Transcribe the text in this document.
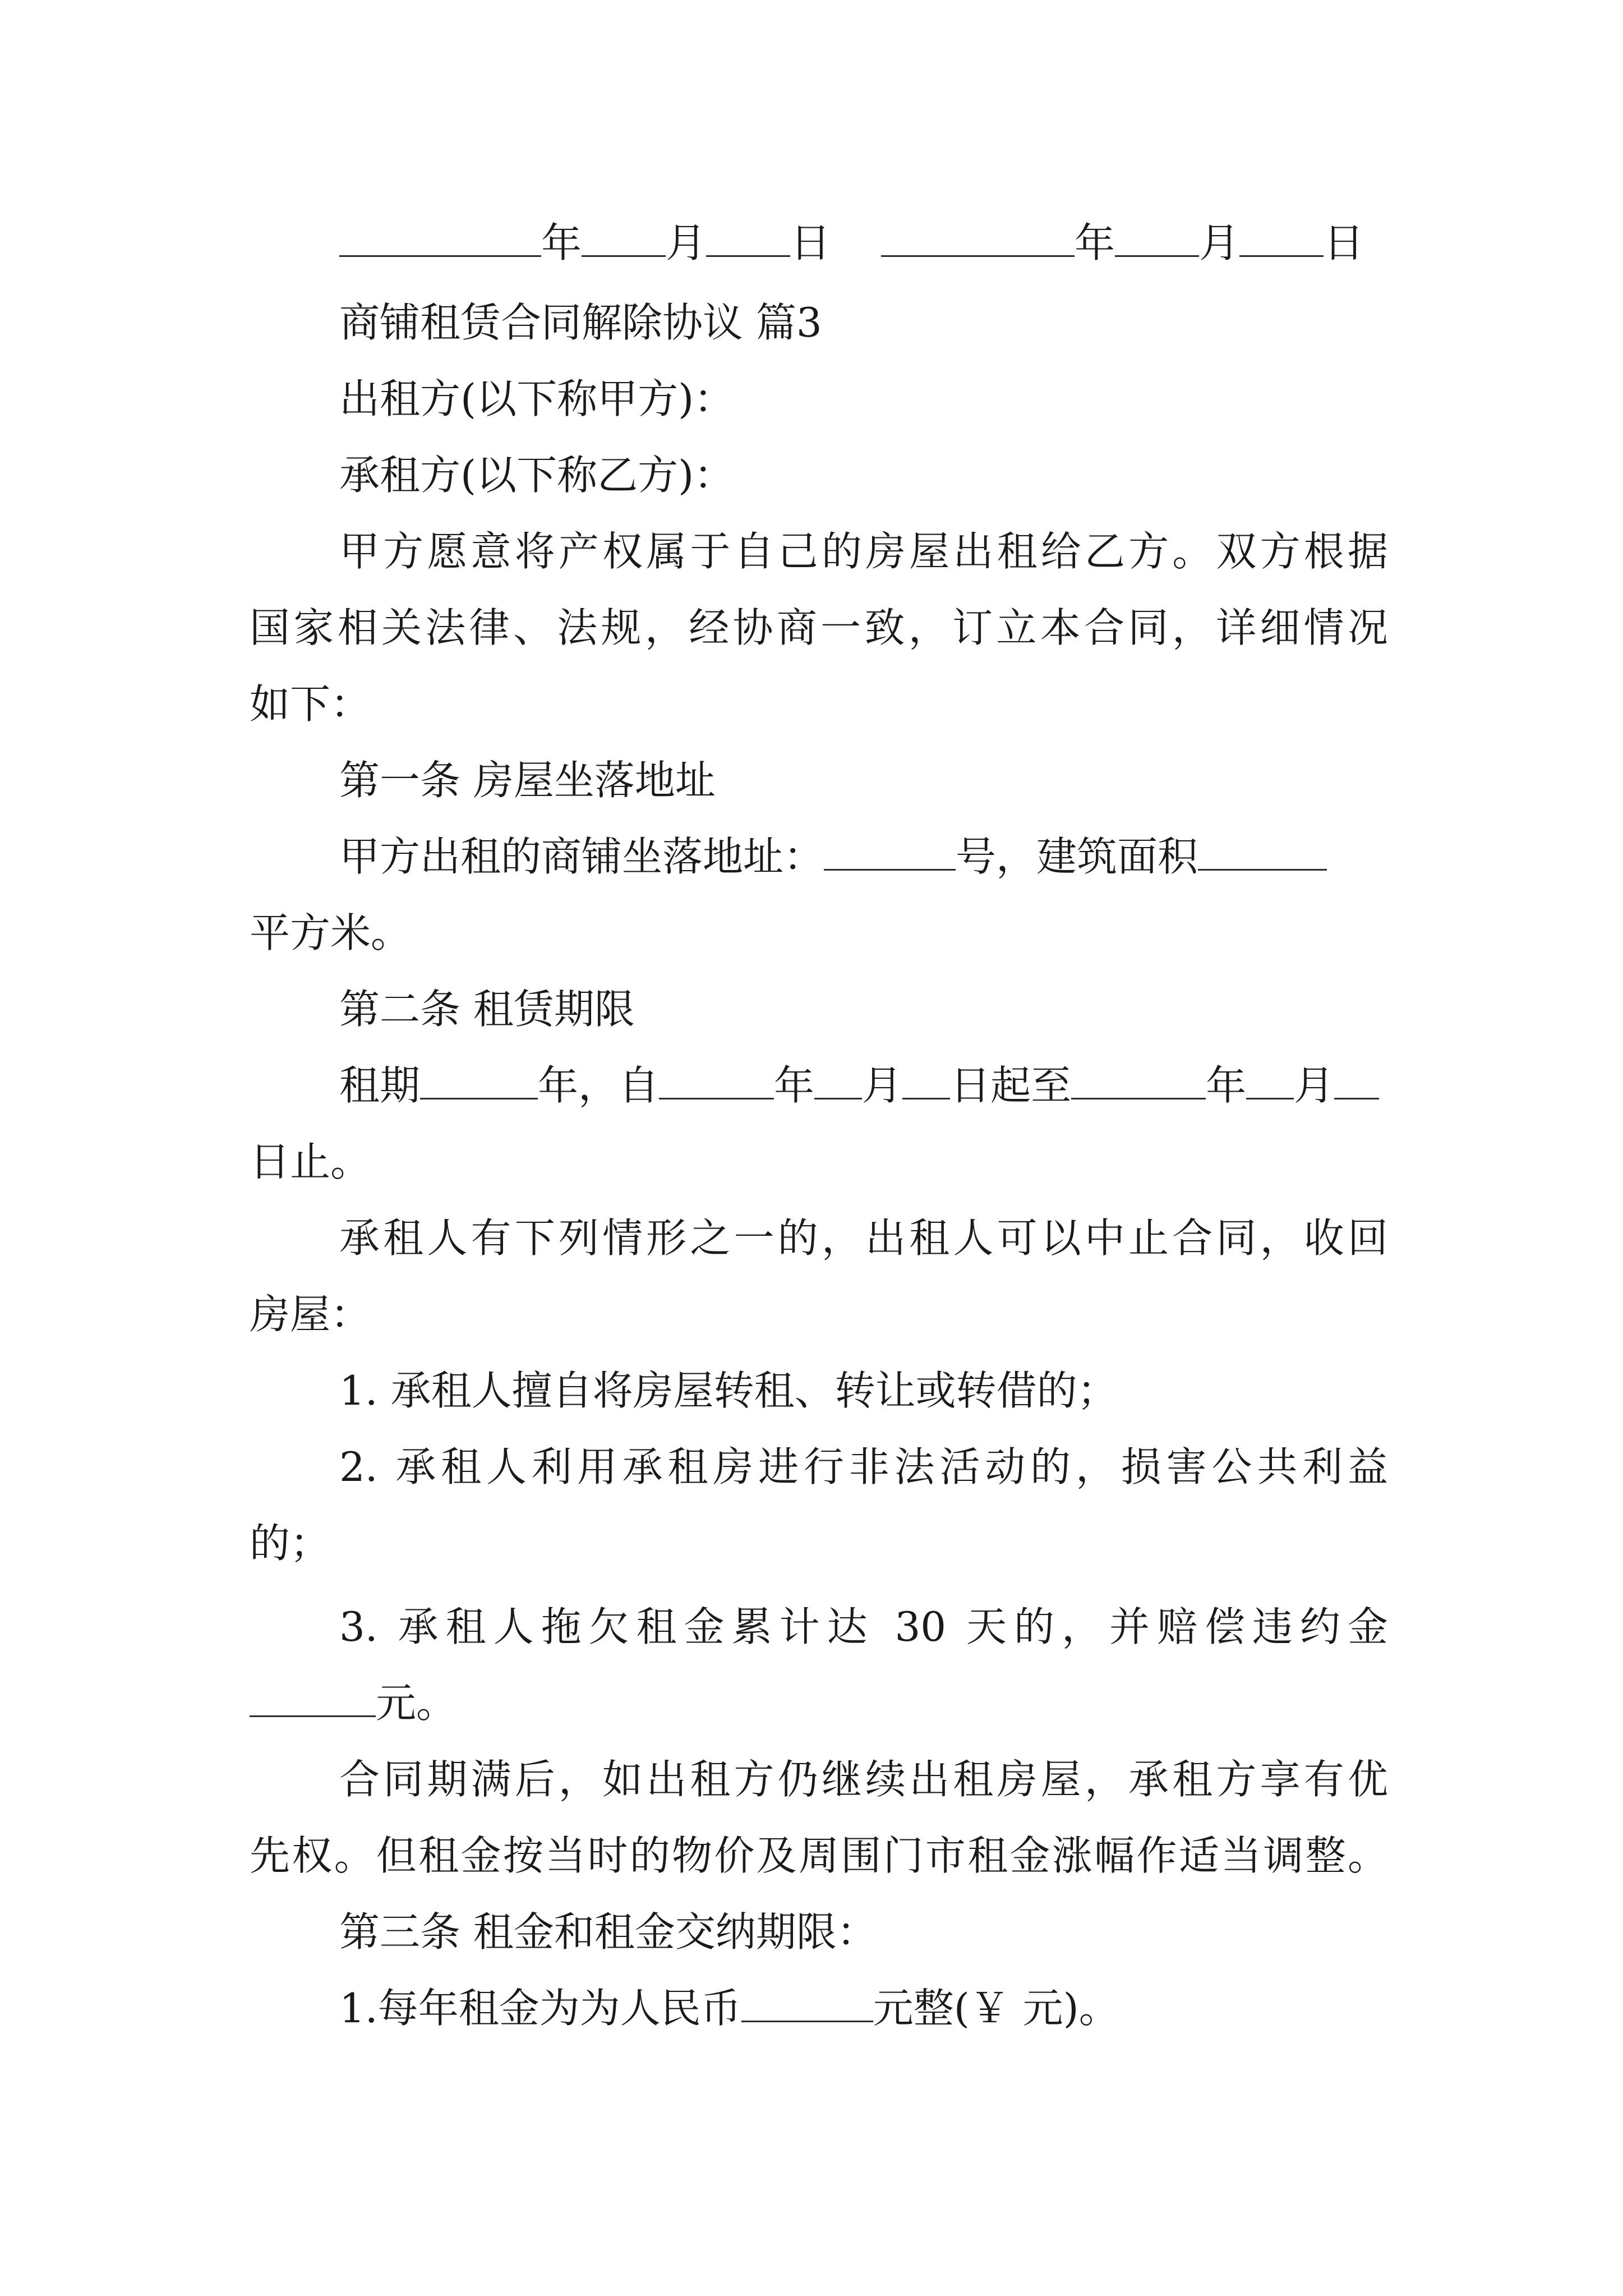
年 月 日	年 月 日
商铺租赁合同解除协议 篇3
出租方(以下称甲方)：
承租方(以下称乙方)：
甲方愿意将产权属于自己的房屋出租给乙方。双方根据
国家相关法律、法规，经协商一致，订立本合同，详细情况
如下：
第一条 房屋坐落地址
甲方出租的商铺坐落地址：	号，建筑面积
平方米。
第二条 租赁期限
租期	年，自	年 月 日起至	年 月
日止。
承租人有下列情形之一的，出租人可以中止合同，收回
房屋：
1. 承租人擅自将房屋转租、转让或转借的；
2. 承租人利用承租房进行非法活动的，损害公共利益
的；
3. 承租人拖欠租金累计达 30 天的，并赔偿违约金
元。
合同期满后，如出租方仍继续出租房屋，承租方享有优
先权。但租金按当时的物价及周围门市租金涨幅作适当调整。
第三条 租金和租金交纳期限：
1.每年租金为为人民币	元整(￥ 元)。
